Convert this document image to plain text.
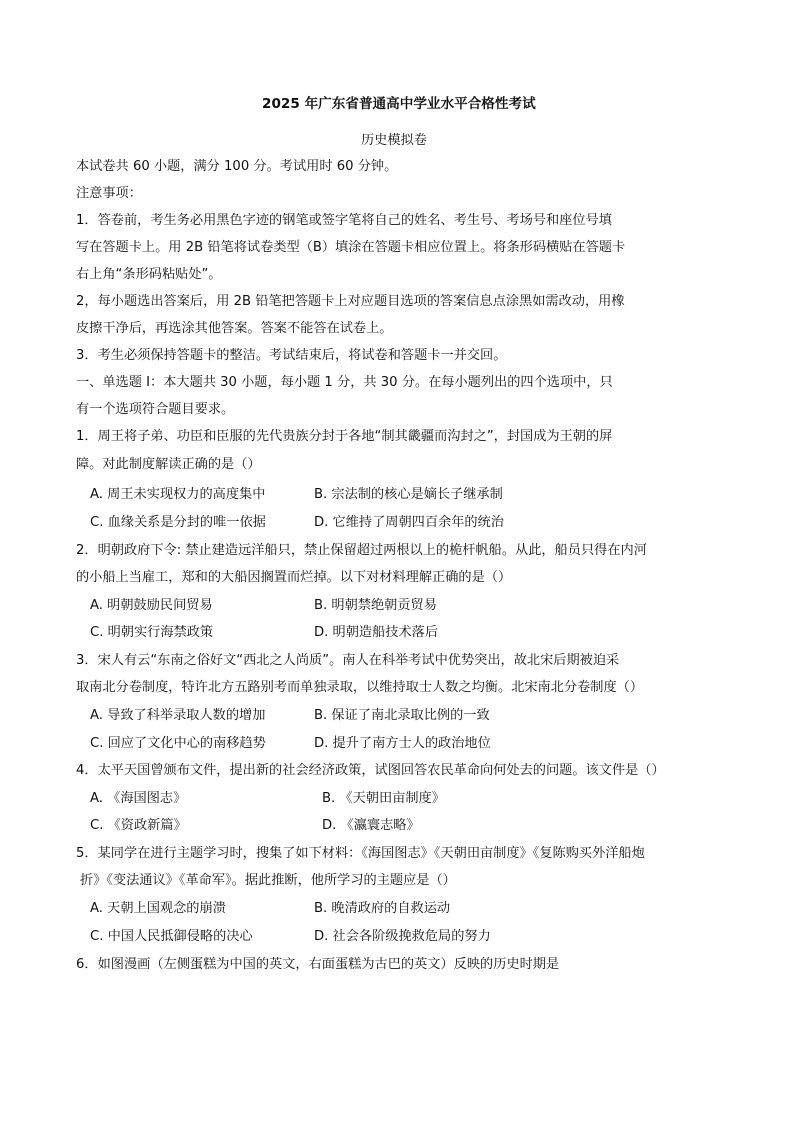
2025 年广东省普通高中学业水平合格性考试
历史模拟卷
本试卷共 60 小题，满分 100 分。考试用时 60 分钟。
注意事项：
1．答卷前，考生务必用黑色字迹的钢笔或签字笔将自己的姓名、考生号、考场号和座位号填
写在答题卡上。用 2B 铅笔将试卷类型（B）填涂在答题卡相应位置上。将条形码横贴在答题卡
右上角“条形码粘贴处”。
2，每小题选出答案后，用 2B 铅笔把答题卡上对应题目选项的答案信息点涂黑如需改动，用橡
皮擦干净后，再选涂其他答案。答案不能答在试卷上。
3．考生必须保持答题卡的整洁。考试结束后，将试卷和答题卡一并交回。
一、单选题 I：本大题共 30 小题，每小题 1 分，共 30 分。在每小题列出的四个选项中，只
有一个选项符合题目要求。
1．周王将子弟、功臣和臣服的先代贵族分封于各地“制其畿疆而沟封之”，封国成为王朝的屏
障。对此制度解读正确的是（）
A. 周王未实现权力的高度集中	B. 宗法制的核心是嫡长子继承制
C. 血缘关系是分封的唯一依据	D. 它维持了周朝四百余年的统治
2．明朝政府下令: 禁止建造远洋船只，禁止保留超过两根以上的桅杆帆船。从此，船员只得在内河
的小船上当雇工，郑和的大船因搁置而烂掉。以下对材料理解正确的是（）
A. 明朝鼓励民间贸易	B. 明朝禁绝朝贡贸易
C. 明朝实行海禁政策	D. 明朝造船技术落后
3．宋人有云“东南之俗好文“西北之人尚质”。南人在科举考试中优势突出，故北宋后期被迫采
取南北分卷制度，特许北方五路别考而单独录取，以维持取士人数之均衡。北宋南北分卷制度（）
A. 导致了科举录取人数的增加	B. 保证了南北录取比例的一致
C. 回应了文化中心的南移趋势	D. 提升了南方士人的政治地位
4．太平天国曾颁布文件，提出新的社会经济政策，试图回答农民革命向何处去的问题。该文件是（）
A. 《海国图志》	B. 《天朝田亩制度》
C. 《资政新篇》	D. 《瀛寰志略》
5．某同学在进行主题学习时，搜集了如下材料：《海国图志》《天朝田亩制度》《复陈购买外洋船炮
折》《变法通议》《革命军》。据此推断，他所学习的主题应是（）
A. 天朝上国观念的崩溃	B. 晚清政府的自救运动
C. 中国人民抵御侵略的决心	D. 社会各阶级挽救危局的努力
6．如图漫画（左侧蛋糕为中国的英文，右面蛋糕为古巴的英文）反映的历史时期是
